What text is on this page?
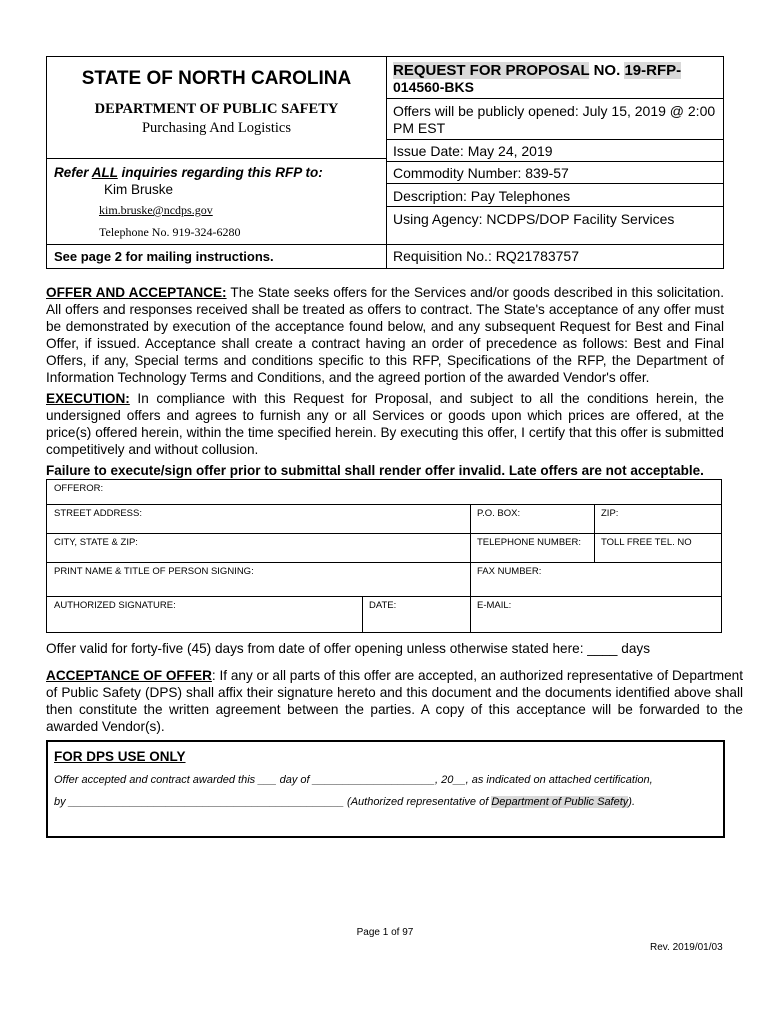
STATE OF NORTH CAROLINA
DEPARTMENT OF PUBLIC SAFETY
Purchasing And Logistics
Refer ALL inquiries regarding this RFP to:
Kim Bruske
kim.bruske@ncdps.gov
Telephone No. 919-324-6280
See page 2 for mailing instructions.
REQUEST FOR PROPOSAL NO. 19-RFP-
014560-BKS
Offers will be publicly opened: July 15, 2019 @ 2:00
PM EST
Issue Date: May 24, 2019
Commodity Number: 839-57
Description: Pay Telephones
Using Agency: NCDPS/DOP Facility Services
Requisition No.: RQ21783757
OFFER AND ACCEPTANCE: The State seeks offers for the Services and/or goods described in this solicitation. All offers and responses received shall be treated as offers to contract. The State's acceptance of any offer must be demonstrated by execution of the acceptance found below, and any subsequent Request for Best and Final Offer, if issued. Acceptance shall create a contract having an order of precedence as follows: Best and Final Offers, if any, Special terms and conditions specific to this RFP, Specifications of the RFP, the Department of Information Technology Terms and Conditions, and the agreed portion of the awarded Vendor's offer.
EXECUTION: In compliance with this Request for Proposal, and subject to all the conditions herein, the undersigned offers and agrees to furnish any or all Services or goods upon which prices are offered, at the price(s) offered herein, within the time specified herein. By executing this offer, I certify that this offer is submitted competitively and without collusion.
Failure to execute/sign offer prior to submittal shall render offer invalid. Late offers are not acceptable.
OFFEROR:
STREET ADDRESS:	P.O. BOX:	ZIP:
CITY, STATE & ZIP:	TELEPHONE NUMBER: TOLL FREE TEL. NO
PRINT NAME & TITLE OF PERSON SIGNING:	FAX NUMBER:
AUTHORIZED SIGNATURE:	DATE:	E-MAIL:
Offer valid for forty-five (45) days from date of offer opening unless otherwise stated here: ____ days
ACCEPTANCE OF OFFER: If any or all parts of this offer are accepted, an authorized representative of Department of Public Safety (DPS) shall affix their signature hereto and this document and the documents identified above shall then constitute the written agreement between the parties. A copy of this acceptance will be forwarded to the awarded Vendor(s).
FOR DPS USE ONLY
Offer accepted and contract awarded this ___ day of ____________________, 20__, as indicated on attached certification,
by _____________________________________________ (Authorized representative of Department of Public Safety).
Page 1 of 97
Rev. 2019/01/03
